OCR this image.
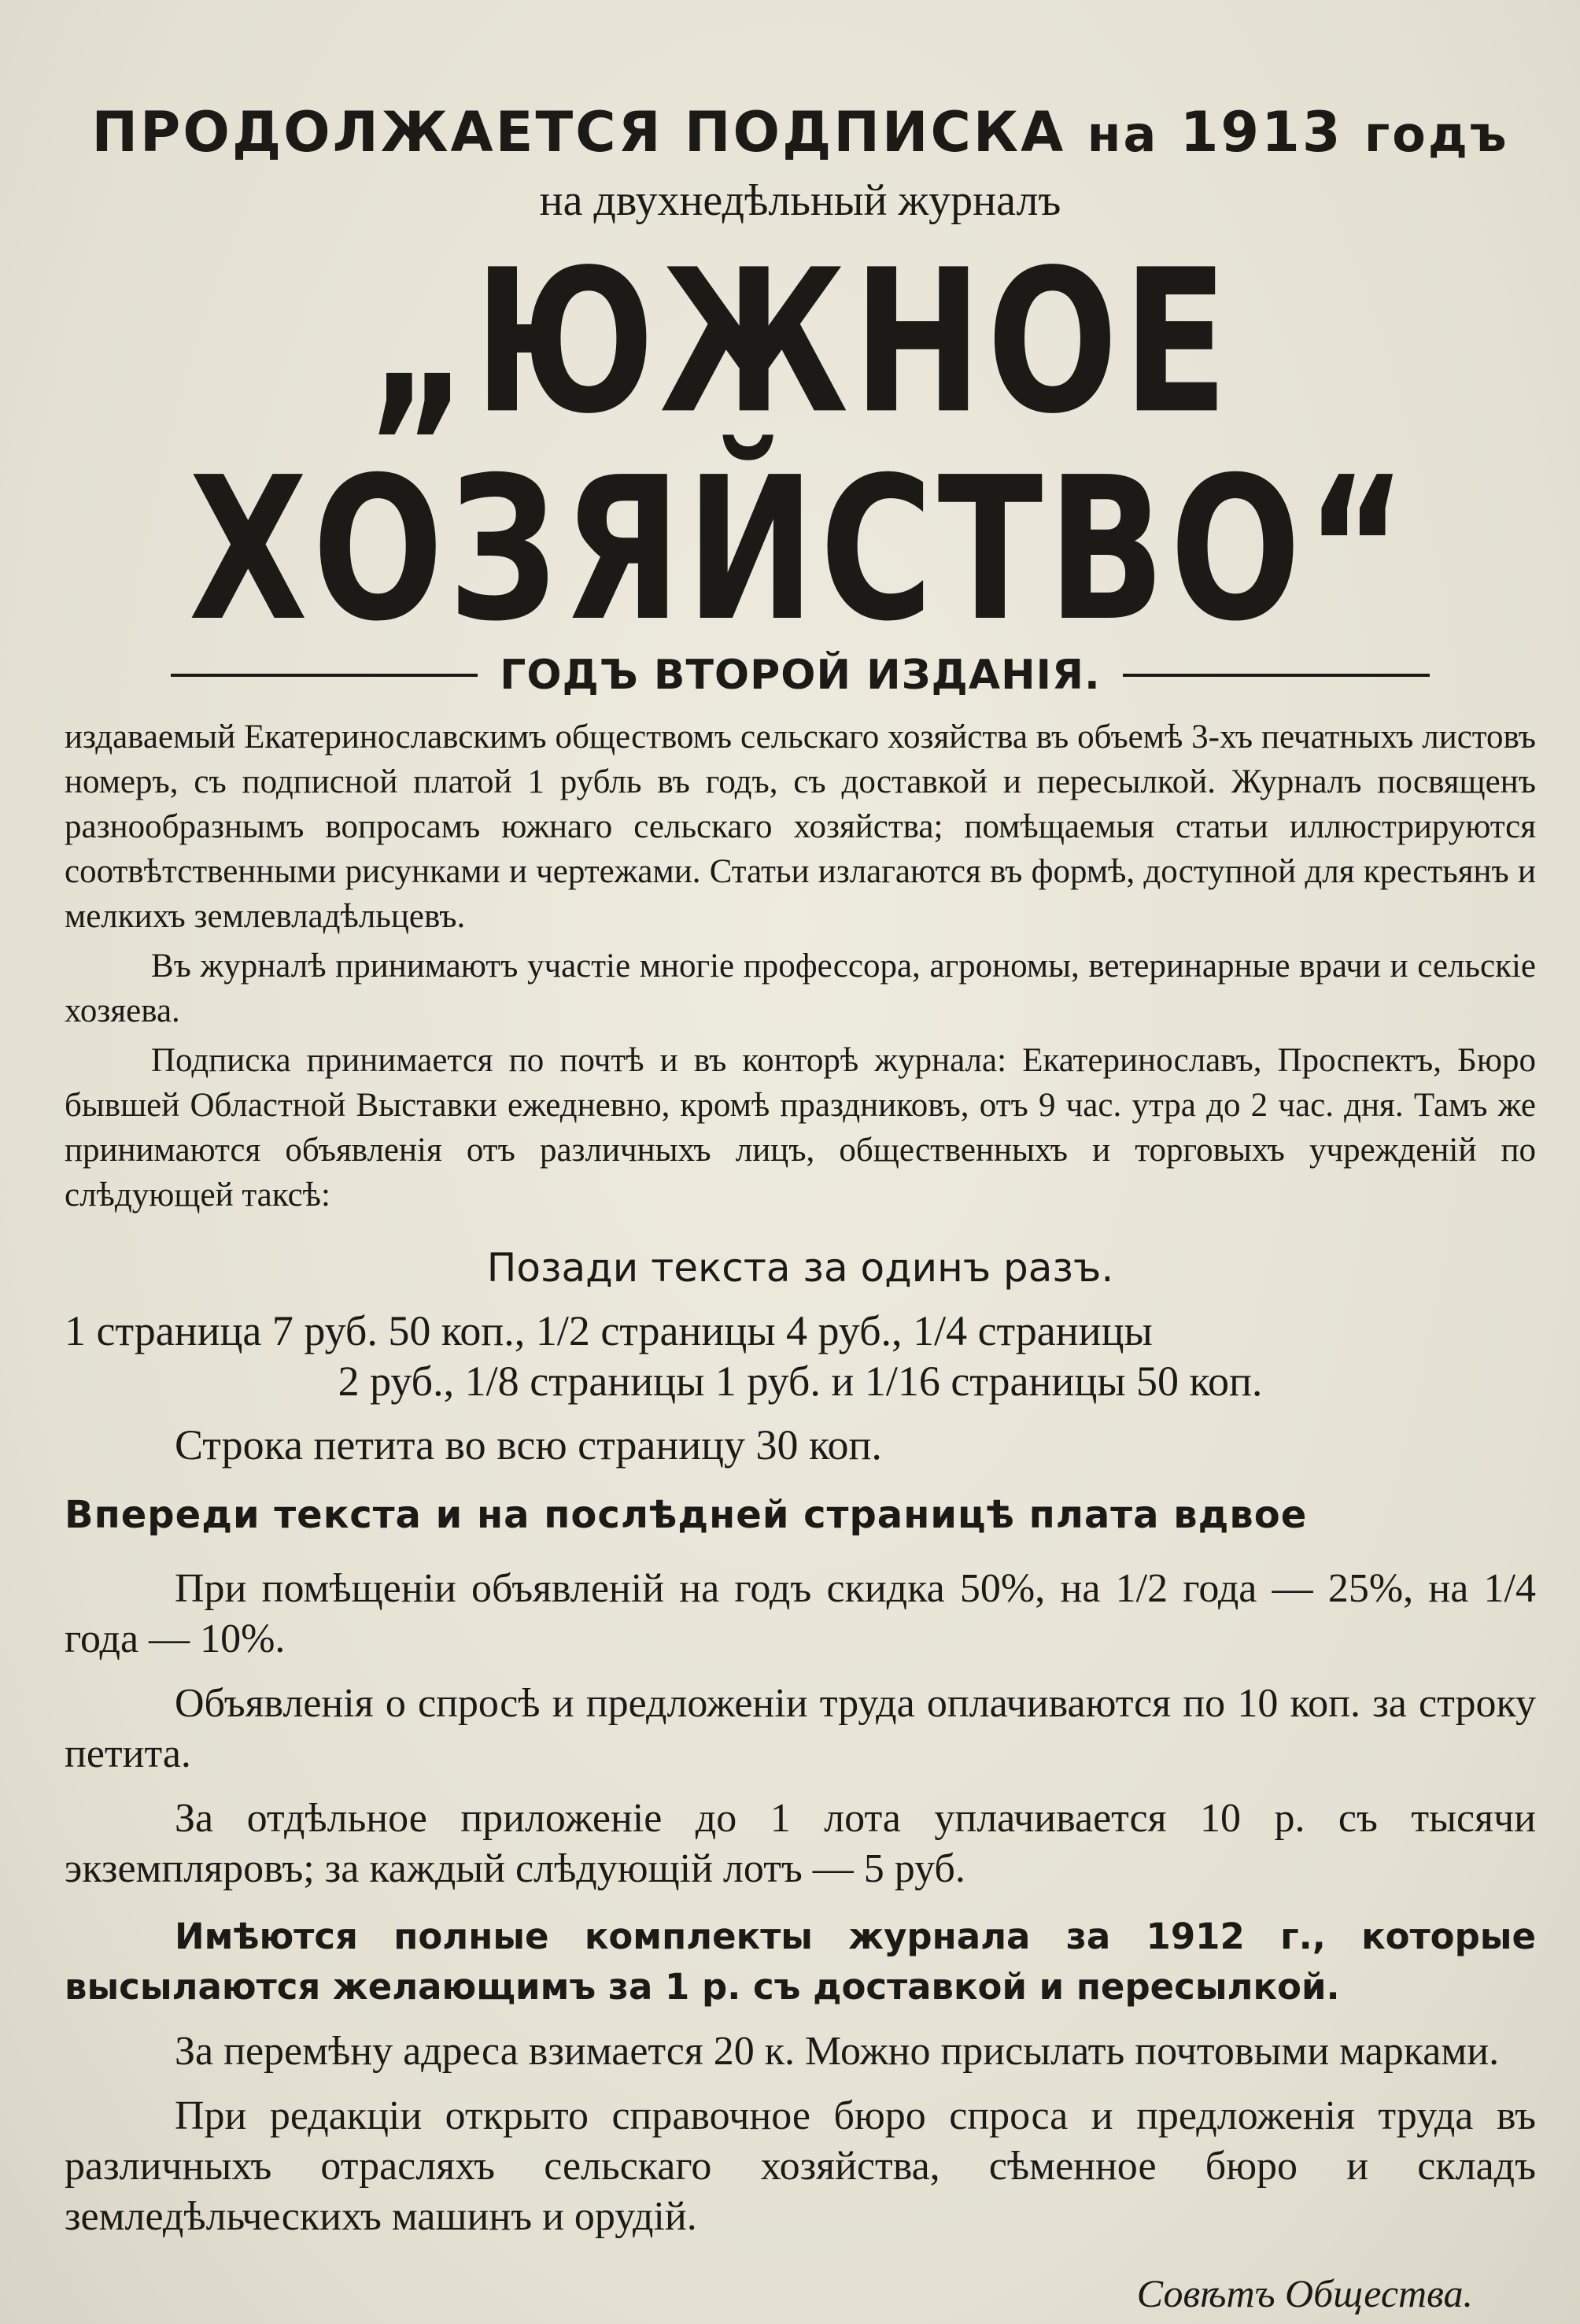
ПРОДОЛЖАЕТСЯ ПОДПИСКА на 1913 годъ

на двухнедѣльный журналъ

„ЮЖНОЕ ХОЗЯЙСТВО“
ГОДЪ ВТОРОЙ ИЗДАНІЯ.

издаваемый Екатеринославскимъ обществомъ сельскаго хозяйства въ объемѣ 3-хъ печатныхъ листовъ номеръ, съ подписной платой 1 рубль въ годъ, съ доставкой и пересылкой. Журналъ посвященъ разнообразнымъ вопросамъ южнаго сельскаго хозяйства; помѣщаемыя статьи иллюстрируются соотвѣтственными рисунками и чертежами. Статьи излагаются въ формѣ, доступной для крестьянъ и мелкихъ землевладѣльцевъ.

Въ журналѣ принимаютъ участіе многіе профессора, агрономы, ветеринарные врачи и сельскіе хозяева.

Подписка принимается по почтѣ и въ конторѣ журнала: Екатеринославъ, Проспектъ, Бюро бывшей Областной Выставки ежедневно, кромѣ праздниковъ, отъ 9 час. утра до 2 час. дня. Тамъ же принимаются объявленія отъ различныхъ лицъ, общественныхъ и торговыхъ учрежденій по слѣдующей таксѣ:

Позади текста за одинъ разъ.
1 страница 7 руб. 50 коп., 1/2 страницы 4 руб., 1/4 страницы
2 руб., 1/8 страницы 1 руб. и 1/16 страницы 50 коп.
Строка петита во всю страницу 30 коп.
Впереди текста и на послѣдней страницѣ плата вдвое

При помѣщеніи объявленій на годъ скидка 50%, на 1/2 года — 25%, на 1/4 года — 10%.

Объявленія о спросѣ и предложеніи труда оплачиваются по 10 коп. за строку петита.

За отдѣльное приложеніе до 1 лота уплачивается 10 р. съ тысячи экземпляровъ; за каждый слѣдующій лотъ — 5 руб.

Имѣются полные комплекты журнала за 1912 г., которые высылаются желающимъ за 1 р. съ доставкой и пересылкой.

За перемѣну адреса взимается 20 к. Можно присылать почтовыми марками.

При редакціи открыто справочное бюро спроса и предложенія труда въ различныхъ отрасляхъ сельскаго хозяйства, сѣменное бюро и складъ земледѣльческихъ машинъ и орудій.

Совѣтъ Общества.
